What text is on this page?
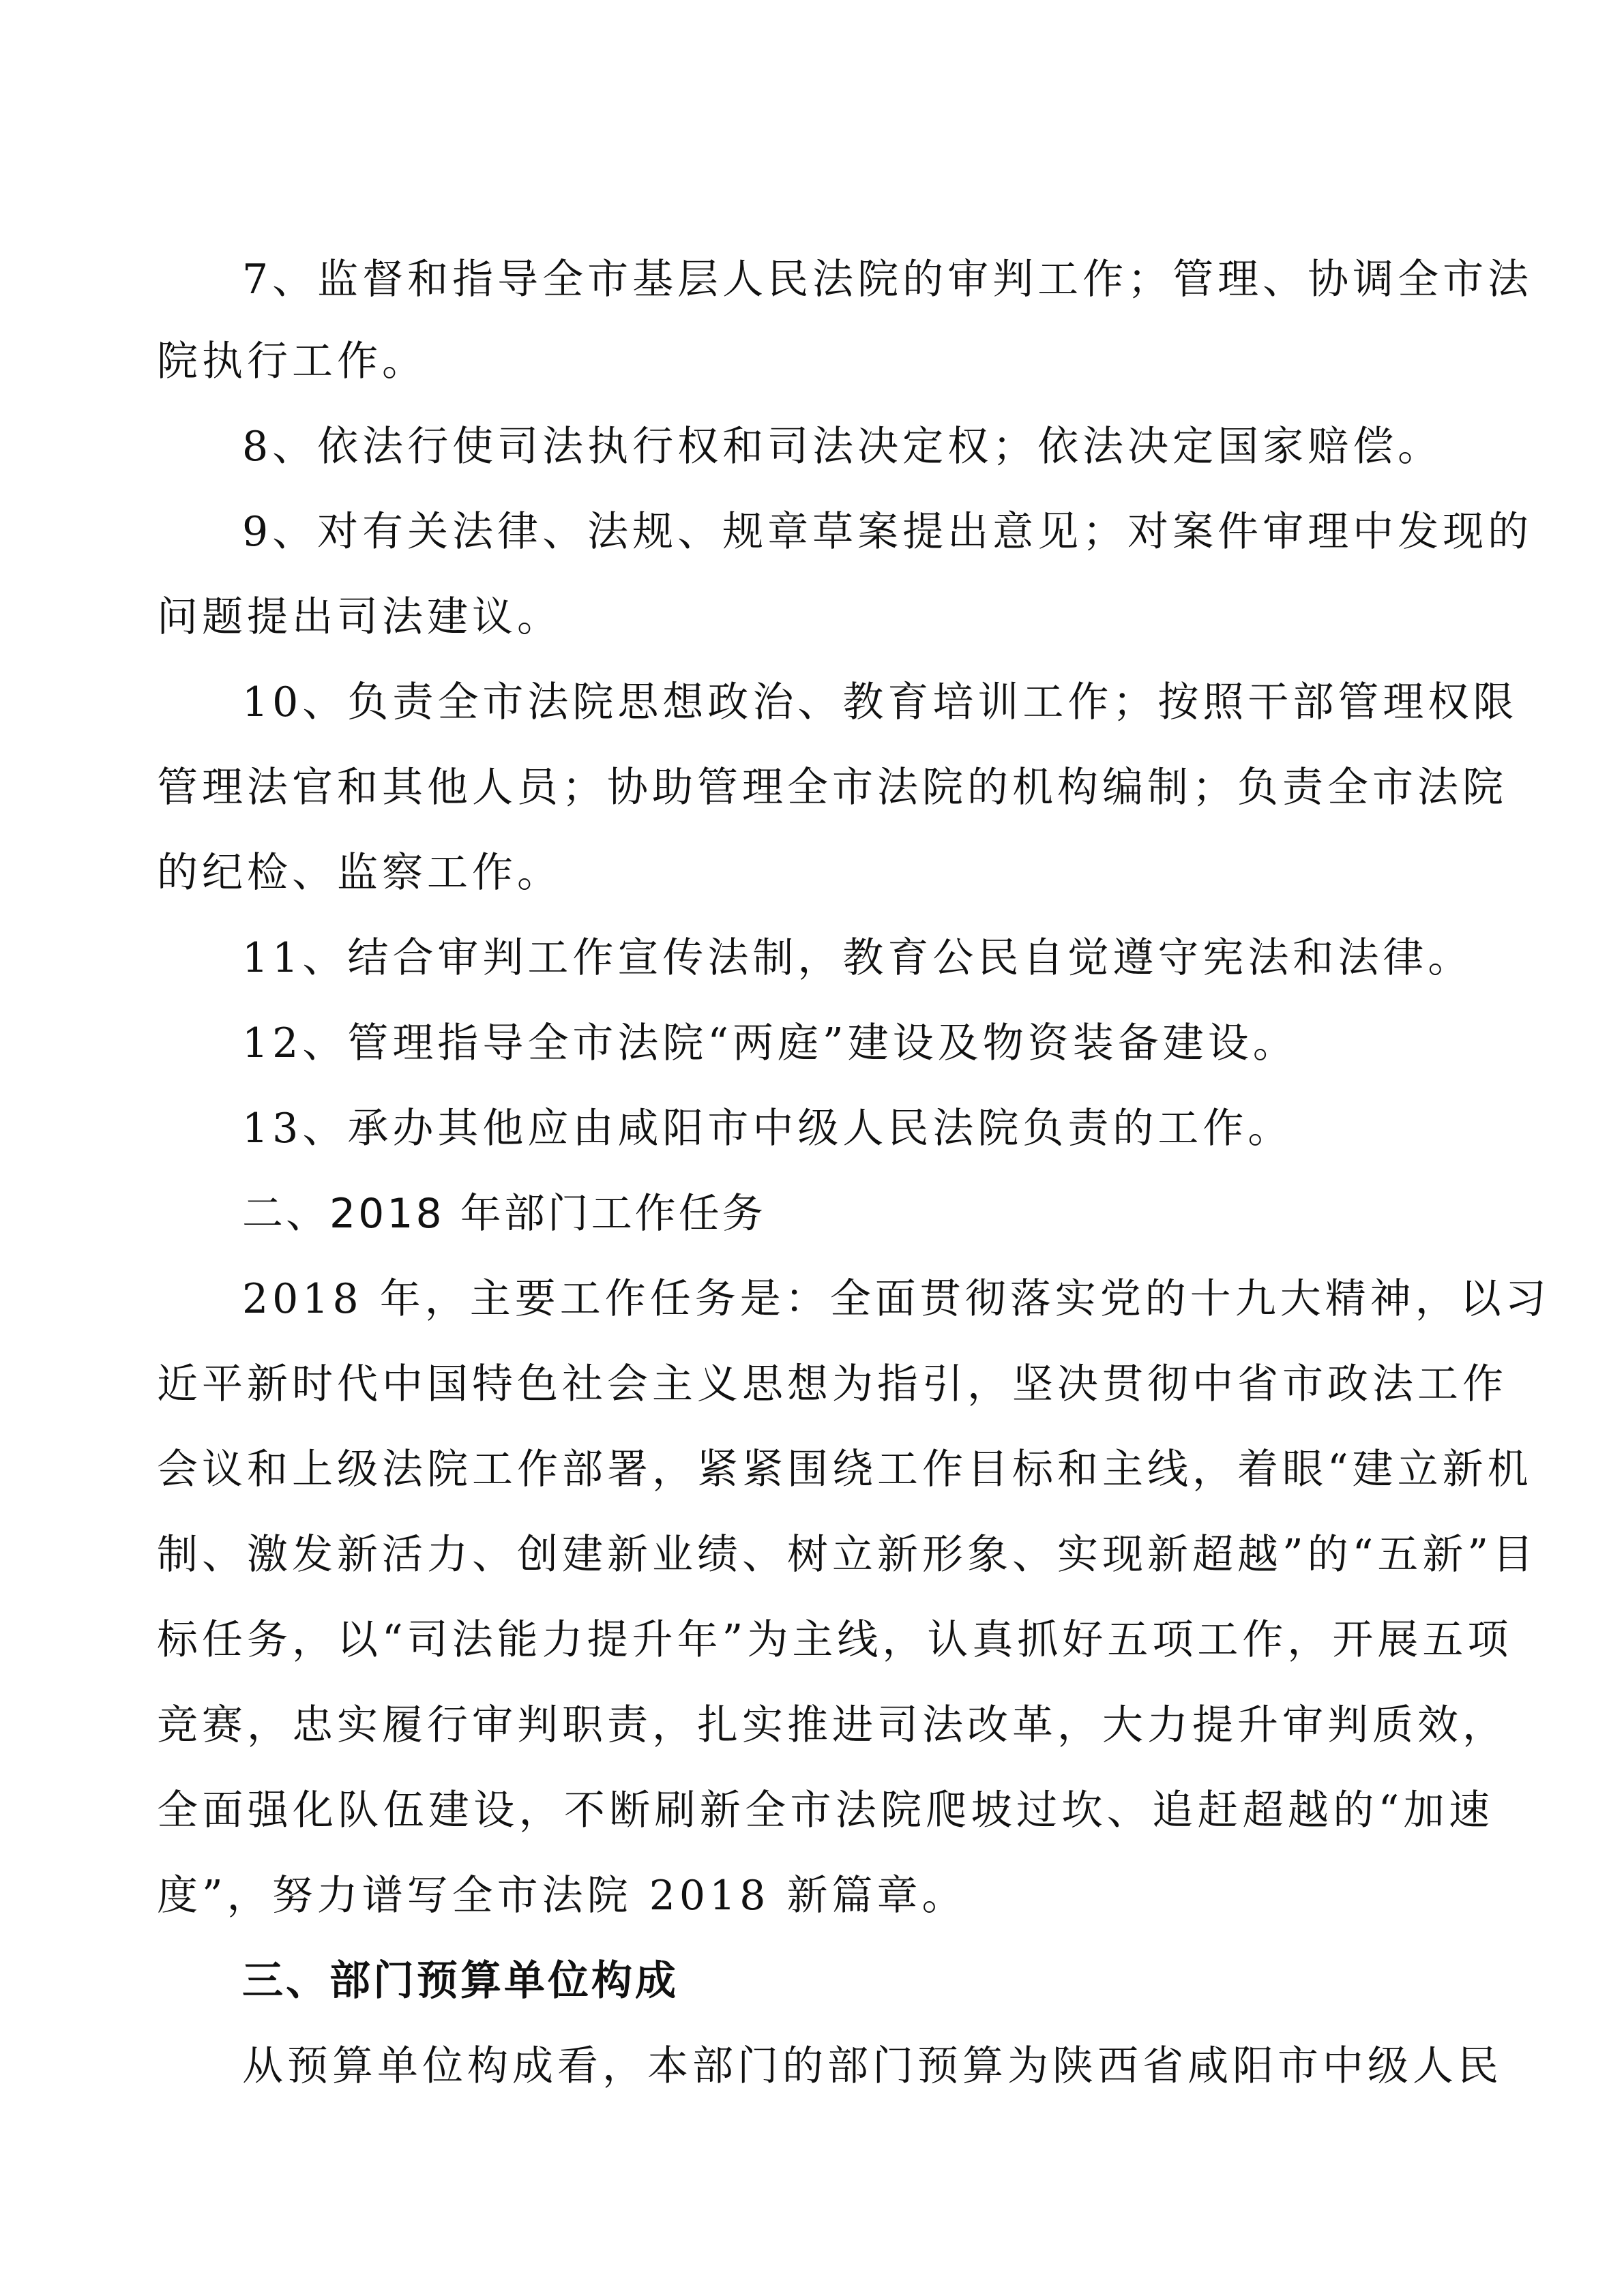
7、监督和指导全市基层人民法院的审判工作；管理、协调全市法
院执行工作。
8、依法行使司法执行权和司法决定权；依法决定国家赔偿。
9、对有关法律、法规、规章草案提出意见；对案件审理中发现的
问题提出司法建议。
10、负责全市法院思想政治、教育培训工作；按照干部管理权限
管理法官和其他人员；协助管理全市法院的机构编制；负责全市法院
的纪检、监察工作。
11、结合审判工作宣传法制，教育公民自觉遵守宪法和法律。
12、管理指导全市法院“两庭”建设及物资装备建设。
13、承办其他应由咸阳市中级人民法院负责的工作。
二、2018 年部门工作任务
2018 年，主要工作任务是：全面贯彻落实党的十九大精神，以习
近平新时代中国特色社会主义思想为指引，坚决贯彻中省市政法工作
会议和上级法院工作部署，紧紧围绕工作目标和主线，着眼“建立新机
制、激发新活力、创建新业绩、树立新形象、实现新超越”的“五新”目
标任务，以“司法能力提升年”为主线，认真抓好五项工作，开展五项
竞赛，忠实履行审判职责，扎实推进司法改革，大力提升审判质效，
全面强化队伍建设，不断刷新全市法院爬坡过坎、追赶超越的“加速
度”，努力谱写全市法院 2018 新篇章。
三、部门预算单位构成
从预算单位构成看，本部门的部门预算为陕西省咸阳市中级人民
